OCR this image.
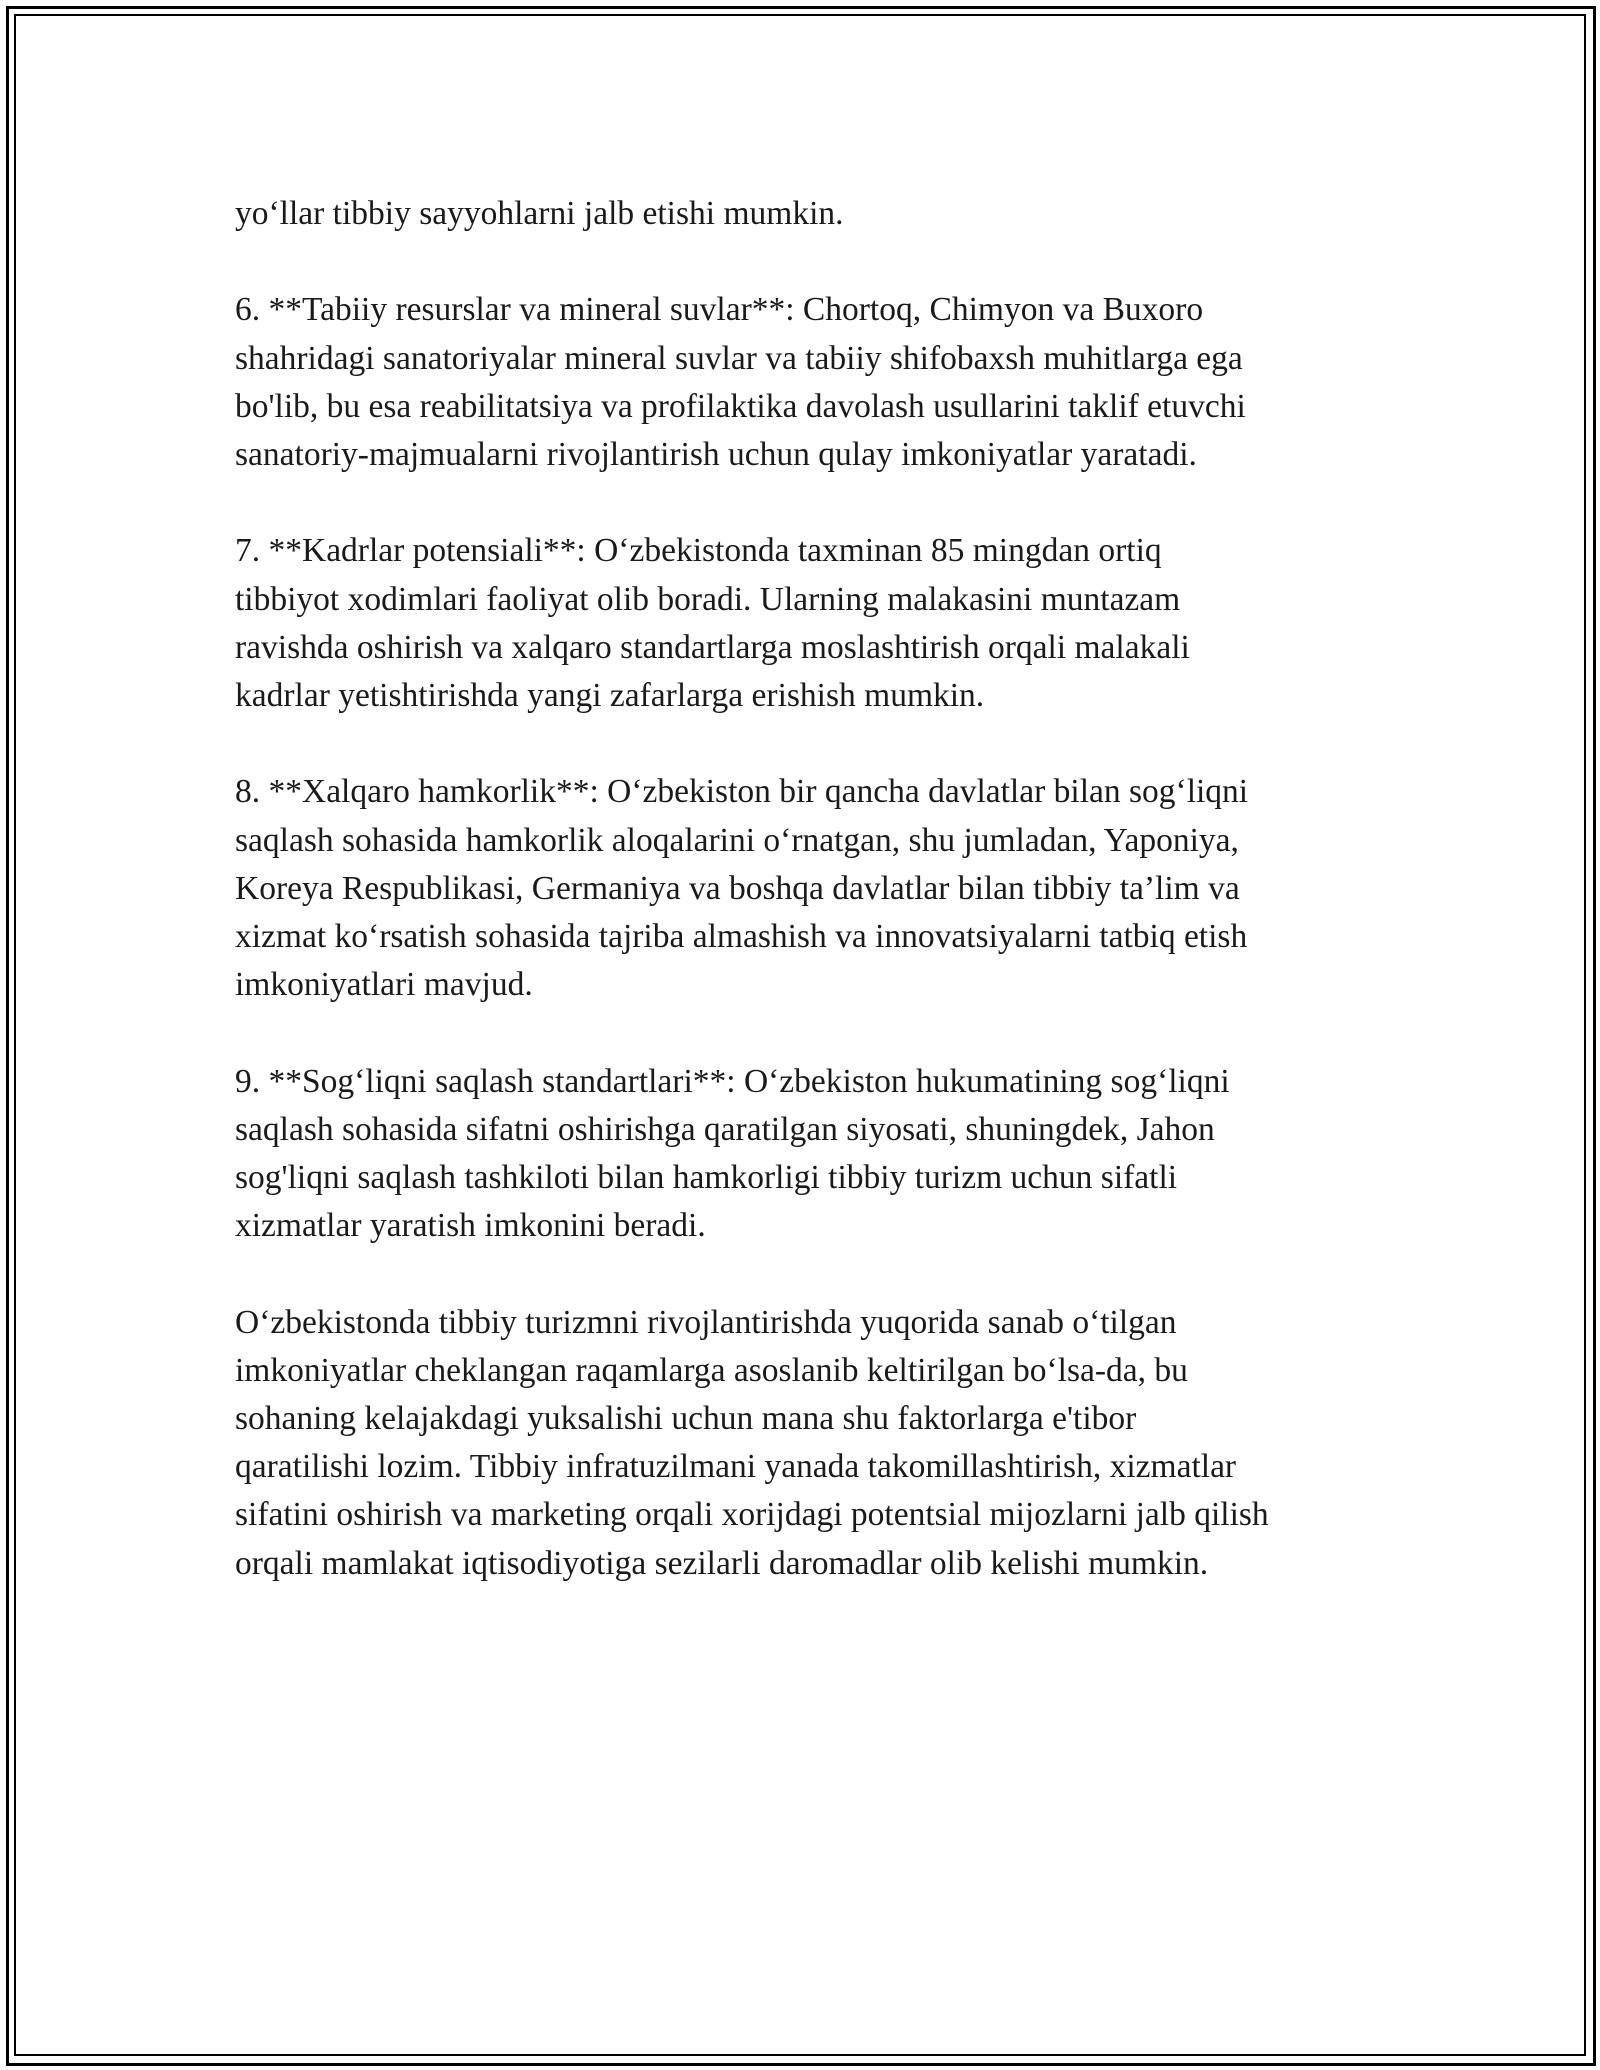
yo‘llar tibbiy sayyohlarni jalb etishi mumkin.

6. **Tabiiy resurslar va mineral suvlar**: Chortoq, Chimyon va Buxoro
shahridagi sanatoriyalar mineral suvlar va tabiiy shifobaxsh muhitlarga ega
bo'lib, bu esa reabilitatsiya va profilaktika davolash usullarini taklif etuvchi
sanatoriy-majmualarni rivojlantirish uchun qulay imkoniyatlar yaratadi.

7. **Kadrlar potensiali**: O‘zbekistonda taxminan 85 mingdan ortiq
tibbiyot xodimlari faoliyat olib boradi. Ularning malakasini muntazam
ravishda oshirish va xalqaro standartlarga moslashtirish orqali malakali
kadrlar yetishtirishda yangi zafarlarga erishish mumkin.

8. **Xalqaro hamkorlik**: O‘zbekiston bir qancha davlatlar bilan sog‘liqni
saqlash sohasida hamkorlik aloqalarini o‘rnatgan, shu jumladan, Yaponiya,
Koreya Respublikasi, Germaniya va boshqa davlatlar bilan tibbiy ta’lim va
xizmat ko‘rsatish sohasida tajriba almashish va innovatsiyalarni tatbiq etish
imkoniyatlari mavjud.

9. **Sog‘liqni saqlash standartlari**: O‘zbekiston hukumatining sog‘liqni
saqlash sohasida sifatni oshirishga qaratilgan siyosati, shuningdek, Jahon
sog'liqni saqlash tashkiloti bilan hamkorligi tibbiy turizm uchun sifatli
xizmatlar yaratish imkonini beradi.

O‘zbekistonda tibbiy turizmni rivojlantirishda yuqorida sanab o‘tilgan
imkoniyatlar cheklangan raqamlarga asoslanib keltirilgan bo‘lsa-da, bu
sohaning kelajakdagi yuksalishi uchun mana shu faktorlarga e'tibor
qaratilishi lozim. Tibbiy infratuzilmani yanada takomillashtirish, xizmatlar
sifatini oshirish va marketing orqali xorijdagi potentsial mijozlarni jalb qilish
orqali mamlakat iqtisodiyotiga sezilarli daromadlar olib kelishi mumkin.
